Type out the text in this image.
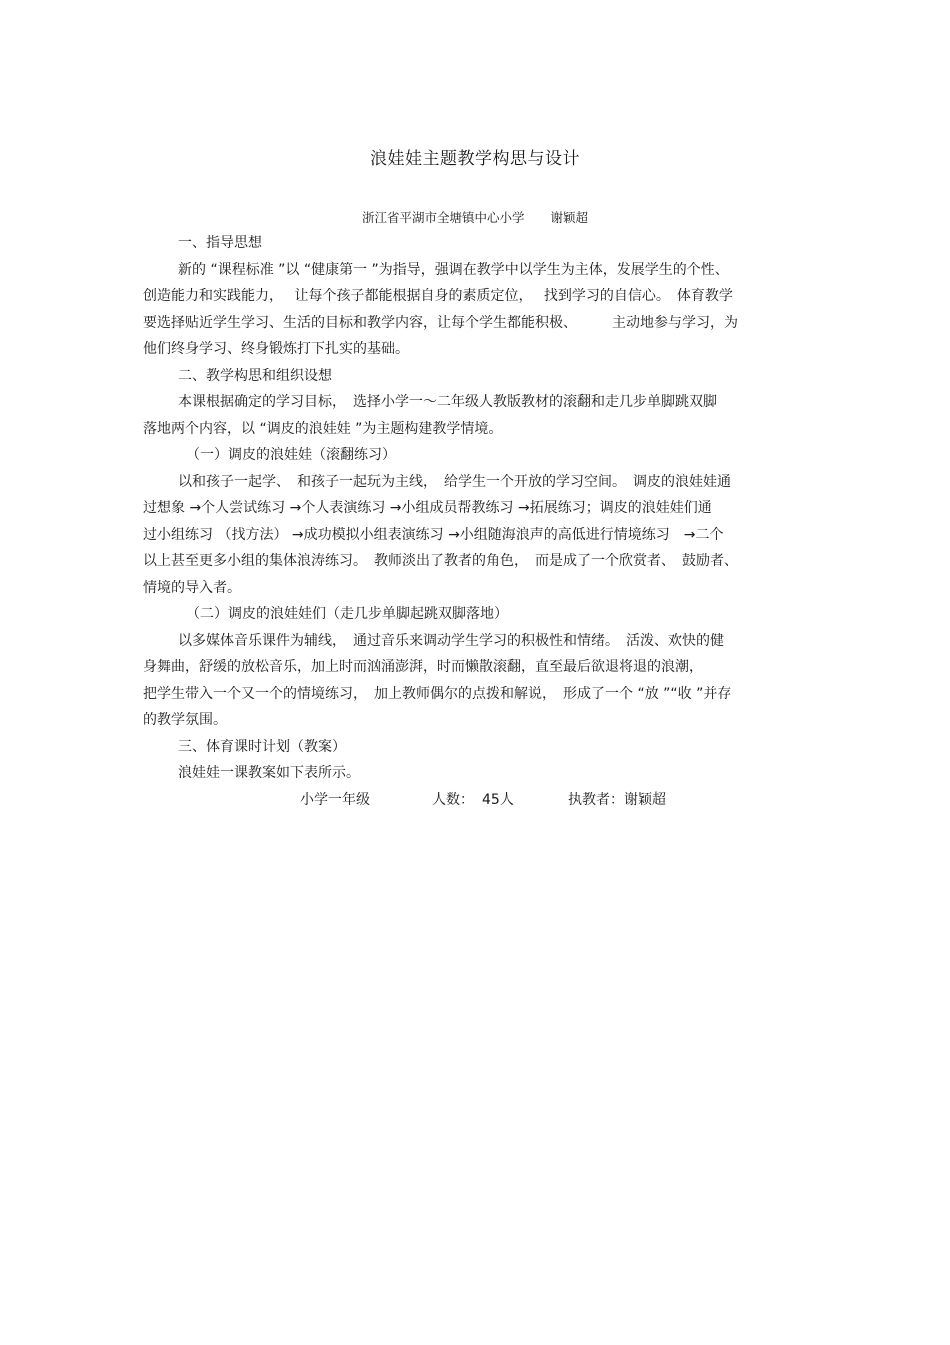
浪娃娃主题教学构思与设计
浙江省平湖市全塘镇中心小学 谢颖超
一、指导思想
新的 “课程标准 ”以 “健康第一 ”为指导，强调在教学中以学生为主体，发展学生的个性、
创造能力和实践能力，　 让每个孩子都能根据自身的素质定位，　 找到学习的自信心。　体育教学
要选择贴近学生学习、生活的目标和教学内容，让每个学生都能积极、　　　主动地参与学习，为
他们终身学习、终身锻炼打下扎实的基础。
二、教学构思和组织设想
本课根据确定的学习目标，　选择小学一～二年级人教版教材的滚翻和走几步单脚跳双脚
落地两个内容，以 “调皮的浪娃娃 ”为主题构建教学情境。
（一）调皮的浪娃娃（滚翻练习）
以和孩子一起学、　和孩子一起玩为主线，　给学生一个开放的学习空间。　调皮的浪娃娃通
过想象 →个人尝试练习 →个人表演练习 →小组成员帮教练习 →拓展练习；调皮的浪娃娃们通
过小组练习 （找方法） →成功模拟小组表演练习 →小组随海浪声的高低进行情境练习　→二个
以上甚至更多小组的集体浪涛练习。　教师淡出了教者的角色，　而是成了一个欣赏者、　鼓励者、
情境的导入者。
（二）调皮的浪娃娃们（走几步单脚起跳双脚落地）
以多媒体音乐课件为辅线，　通过音乐来调动学生学习的积极性和情绪。　活泼、欢快的健
身舞曲，舒缓的放松音乐，加上时而汹涌澎湃，时而懒散滚翻，直至最后欲退将退的浪潮，
把学生带入一个又一个的情境练习，　加上教师偶尔的点拨和解说，　形成了一个 “放 ”“收 ”并存
的教学氛围。
三、体育课时计划（教案）
浪娃娃一课教案如下表所示。
小学一年级	人数： 45人	执教者：谢颖超
